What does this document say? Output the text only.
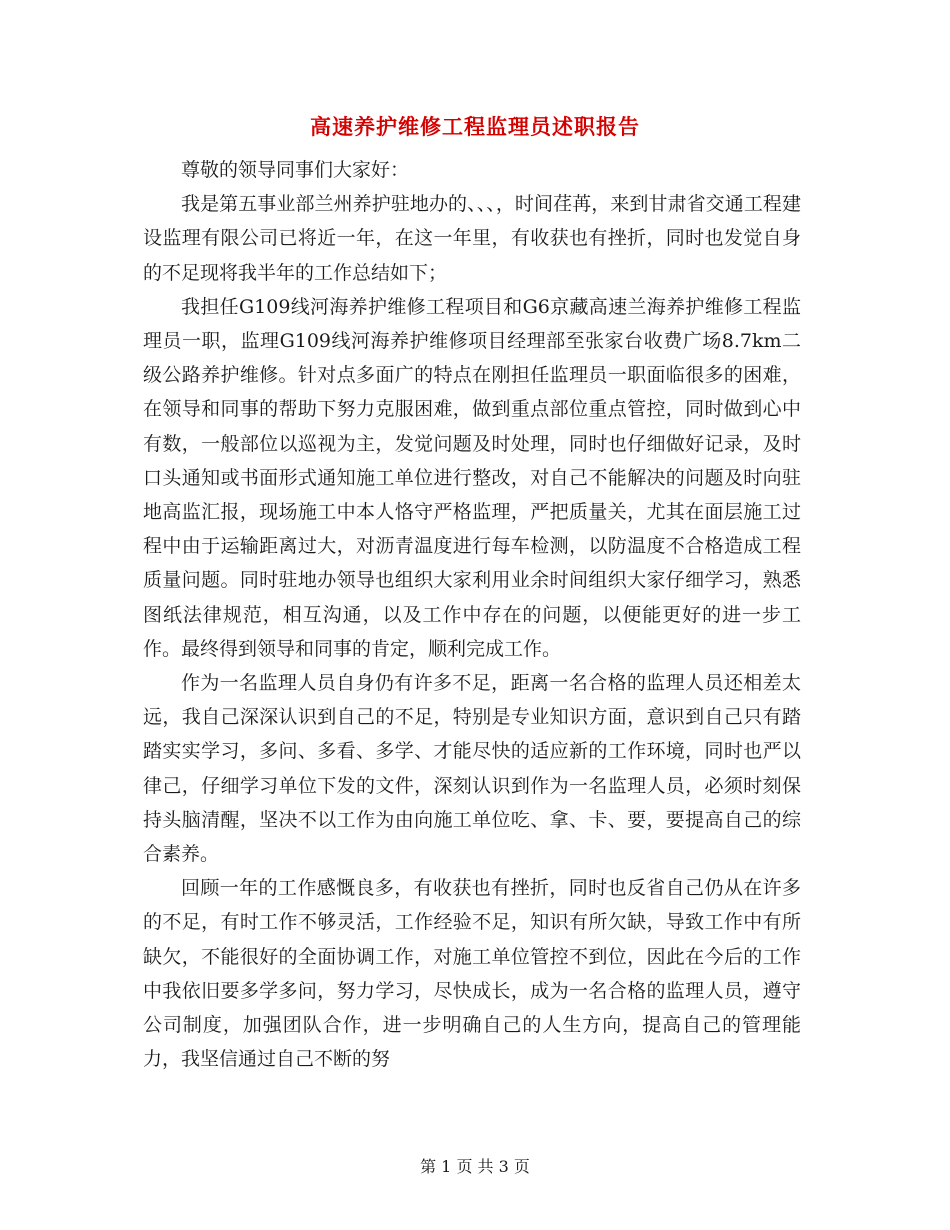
高速养护维修工程监理员述职报告

尊敬的领导同事们大家好：

我是第五事业部兰州养护驻地办的、、、，时间荏苒，来到甘肃省交通工程建设监理有限公司已将近一年，在这一年里，有收获也有挫折，同时也发觉自身的不足现将我半年的工作总结如下；

我担任G109线河海养护维修工程项目和G6京藏高速兰海养护维修工程监理员一职，监理G109线河海养护维修项目经理部至张家台收费广场8.7km二级公路养护维修。针对点多面广的特点在刚担任监理员一职面临很多的困难，在领导和同事的帮助下努力克服困难，做到重点部位重点管控，同时做到心中有数，一般部位以巡视为主，发觉问题及时处理，同时也仔细做好记录，及时口头通知或书面形式通知施工单位进行整改，对自己不能解决的问题及时向驻地高监汇报，现场施工中本人恪守严格监理，严把质量关，尤其在面层施工过程中由于运输距离过大，对沥青温度进行每车检测，以防温度不合格造成工程质量问题。同时驻地办领导也组织大家利用业余时间组织大家仔细学习，熟悉图纸法律规范，相互沟通，以及工作中存在的问题，以便能更好的进一步工作。最终得到领导和同事的肯定，顺利完成工作。

作为一名监理人员自身仍有许多不足，距离一名合格的监理人员还相差太远，我自己深深认识到自己的不足，特别是专业知识方面，意识到自己只有踏踏实实学习，多问、多看、多学、才能尽快的适应新的工作环境，同时也严以律己，仔细学习单位下发的文件，深刻认识到作为一名监理人员，必须时刻保持头脑清醒，坚决不以工作为由向施工单位吃、拿、卡、要，要提高自己的综合素养。

回顾一年的工作感慨良多，有收获也有挫折，同时也反省自己仍从在许多的不足，有时工作不够灵活，工作经验不足，知识有所欠缺，导致工作中有所缺欠，不能很好的全面协调工作，对施工单位管控不到位，因此在今后的工作中我依旧要多学多问，努力学习，尽快成长，成为一名合格的监理人员，遵守公司制度，加强团队合作，进一步明确自己的人生方向，提高自己的管理能力，我坚信通过自己不断的努

第 1 页 共 3 页
